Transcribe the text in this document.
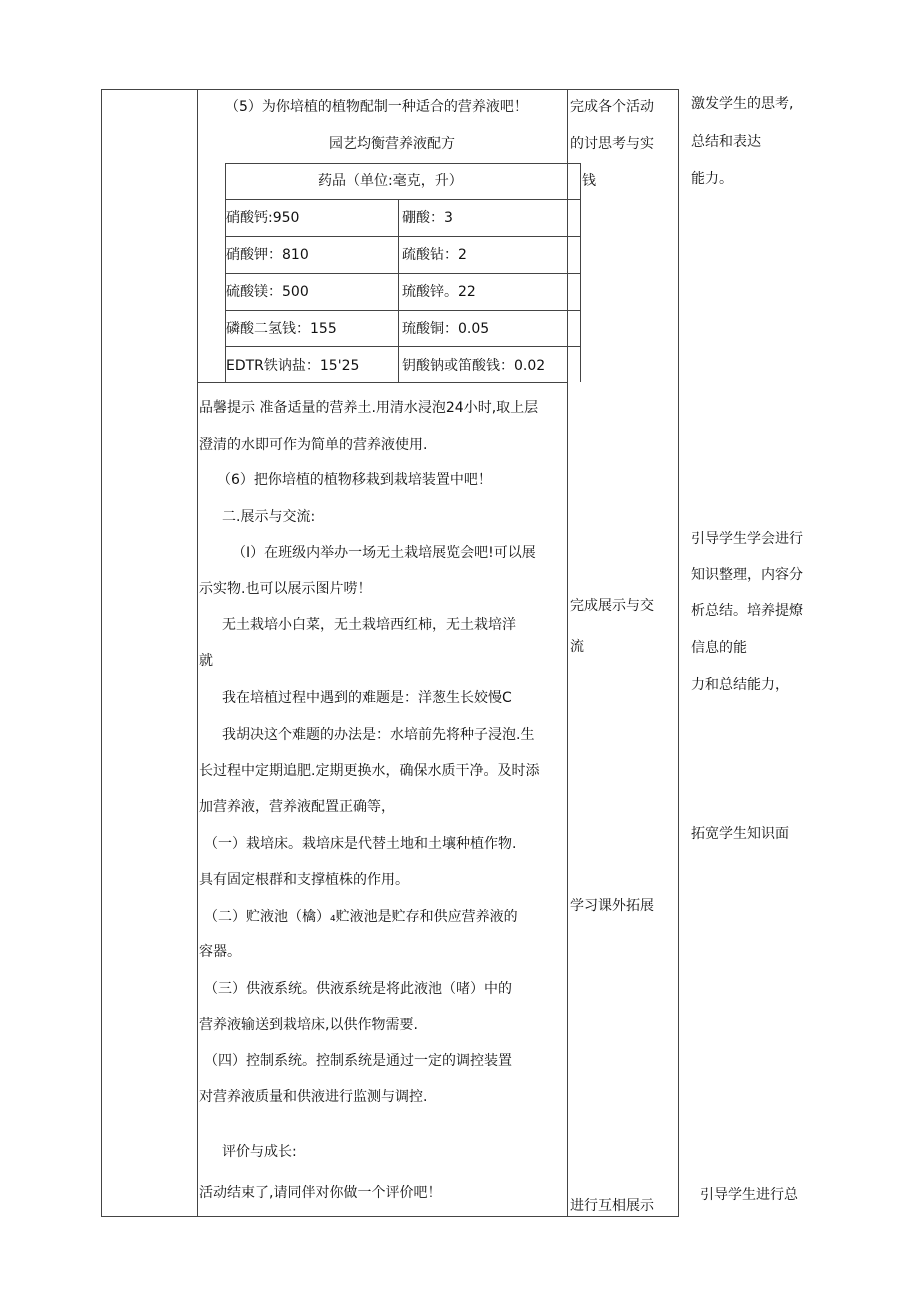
（5）为你培植的植物配制一种适合的营养液吧！
园艺均衡营养液配方
药品（单位:毫克，升）
硝酸钙:950	硼酸：3
硝酸钾：810	疏酸钻：2
硫酸镁：500	琉酸锌。22
磷酸二氢钱：155	琉酸铜：0.05
EDTR铁讷盐：15'25	钥酸钠或笛酸钱：0.02
品馨提示 准备适量的营养土.用清水浸泡24小时,取上层
澄清的水即可作为简单的营养液使用.
（6）把你培植的植物移栽到栽培装置中吧！
二.展示与交流:
（I）在班级内举办一场无土栽培展览会吧!可以展
示实物.也可以展示图片唠！
无土栽培小白菜，无土栽培西红柿，无土栽培洋
就
我在培植过程中遇到的难题是：洋葱生长姣慢C
我胡决这个难题的办法是：水培前先将种子浸泡.生
长过程中定期追肥.定期更换水，确保水质干净。及时添
加营养液，营养液配置正确等，
（一）栽培床。栽培床是代替土地和土壤种植作物.
具有固定根群和支撑植株的作用。
（二）贮液池（檎）₄贮液池是贮存和供应营养液的
容器。
（三）供液系统。供液系统是将此液池（啫）中的
营养液输送到栽培床,以供作物需要.
（四）控制系统。控制系统是通过一定的调控装置
对营养液质量和供液进行监测与调控.
评价与成长:
活动结束了,请同伴对你做一个评价吧！
完成各个活动
的讨思考与实
钱
完成展示与交
流
学习课外拓展
进行互相展示
激发学生的思考,
总结和表达
能力。
引导学生学会进行
知识整理，内容分
析总结。培养提燎
信息的能
力和总结能力，
拓宽学生知识面
引导学生进行总
